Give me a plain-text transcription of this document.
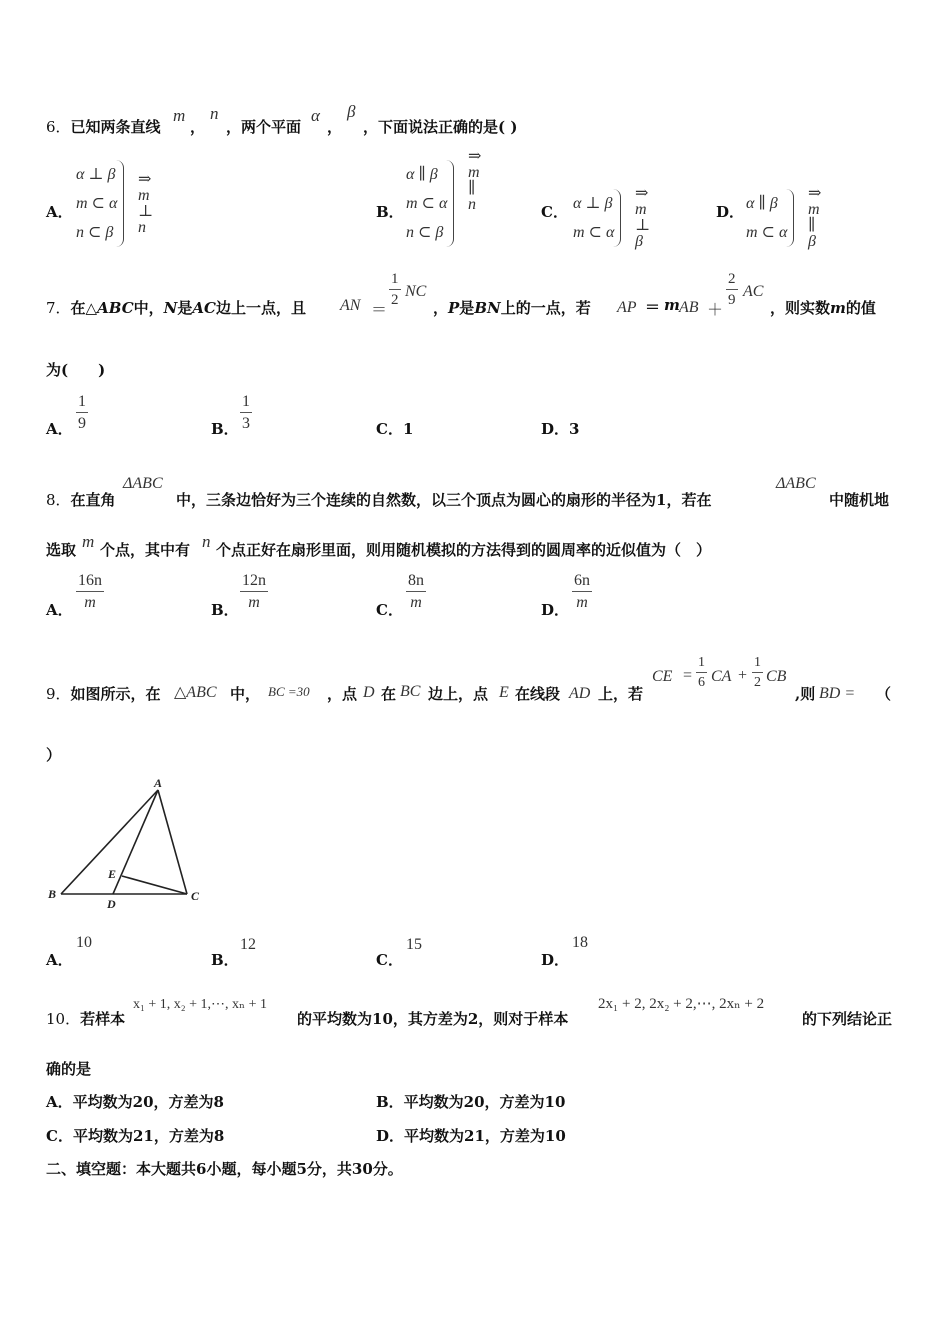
6．已知两条直线
m
，
n
，两个平面
α
，
β
，下面说法正确的是( )
A．
α ⊥ β
m ⊂ α
n ⊂ β
⇒ m ⊥ n
B．
α ∥ β
m ⊂ α
n ⊂ β
⇒ m ∥ n	C． α ⊥ β
m ⊂ α
⇒ m ⊥ β
D． α ∥ β
m ⊂ α
⇒ m ∥ β
7．在△ABC中，N是AC边上一点，且 AN ＝
$\frac{1}{2}$ NC
，P是BN上的一点，若 AP ＝ m AB ＋
$\frac{2}{9}$ AC
，则实数m的值
为(　　)
A． $\frac{1}{9}$	B． $\frac{1}{3}$	C．1	D．3
8．在直角
ΔABC
中，三条边恰好为三个连续的自然数，以三个顶点为圆心的扇形的半径为1，若在
ΔABC
中随机地
选取 m 个点，其中有 n 个点正好在扇形里面，则用随机模拟的方法得到的圆周率的近似值为（　）
A． $\frac{16n}{m}$	B． $\frac{12n}{m}$	C． $\frac{8n}{m}$	D． $\frac{6n}{m}$
9．如图所示，在 △ABC 中， BC =30 ，点 D 在 BC 边上，点 E 在线段 AD 上，若
CE = $\frac{1}{6}$ CA + $\frac{1}{2}$ CB
,则 BD = （
）
A
B	C
D
E
A．
10
B．
12
C．
15
D．
18
10．若样本
x₁ + 1, x₂ + 1,⋯, xₙ + 1
的平均数为10，其方差为2，则对于样本
2x₁ + 2, 2x₂ + 2,⋯, 2xₙ + 2
的下列结论正
确的是
A．平均数为20，方差为8	B．平均数为20，方差为10
C．平均数为21，方差为8	D．平均数为21，方差为10
二、填空题：本大题共6小题，每小题5分，共30分。
